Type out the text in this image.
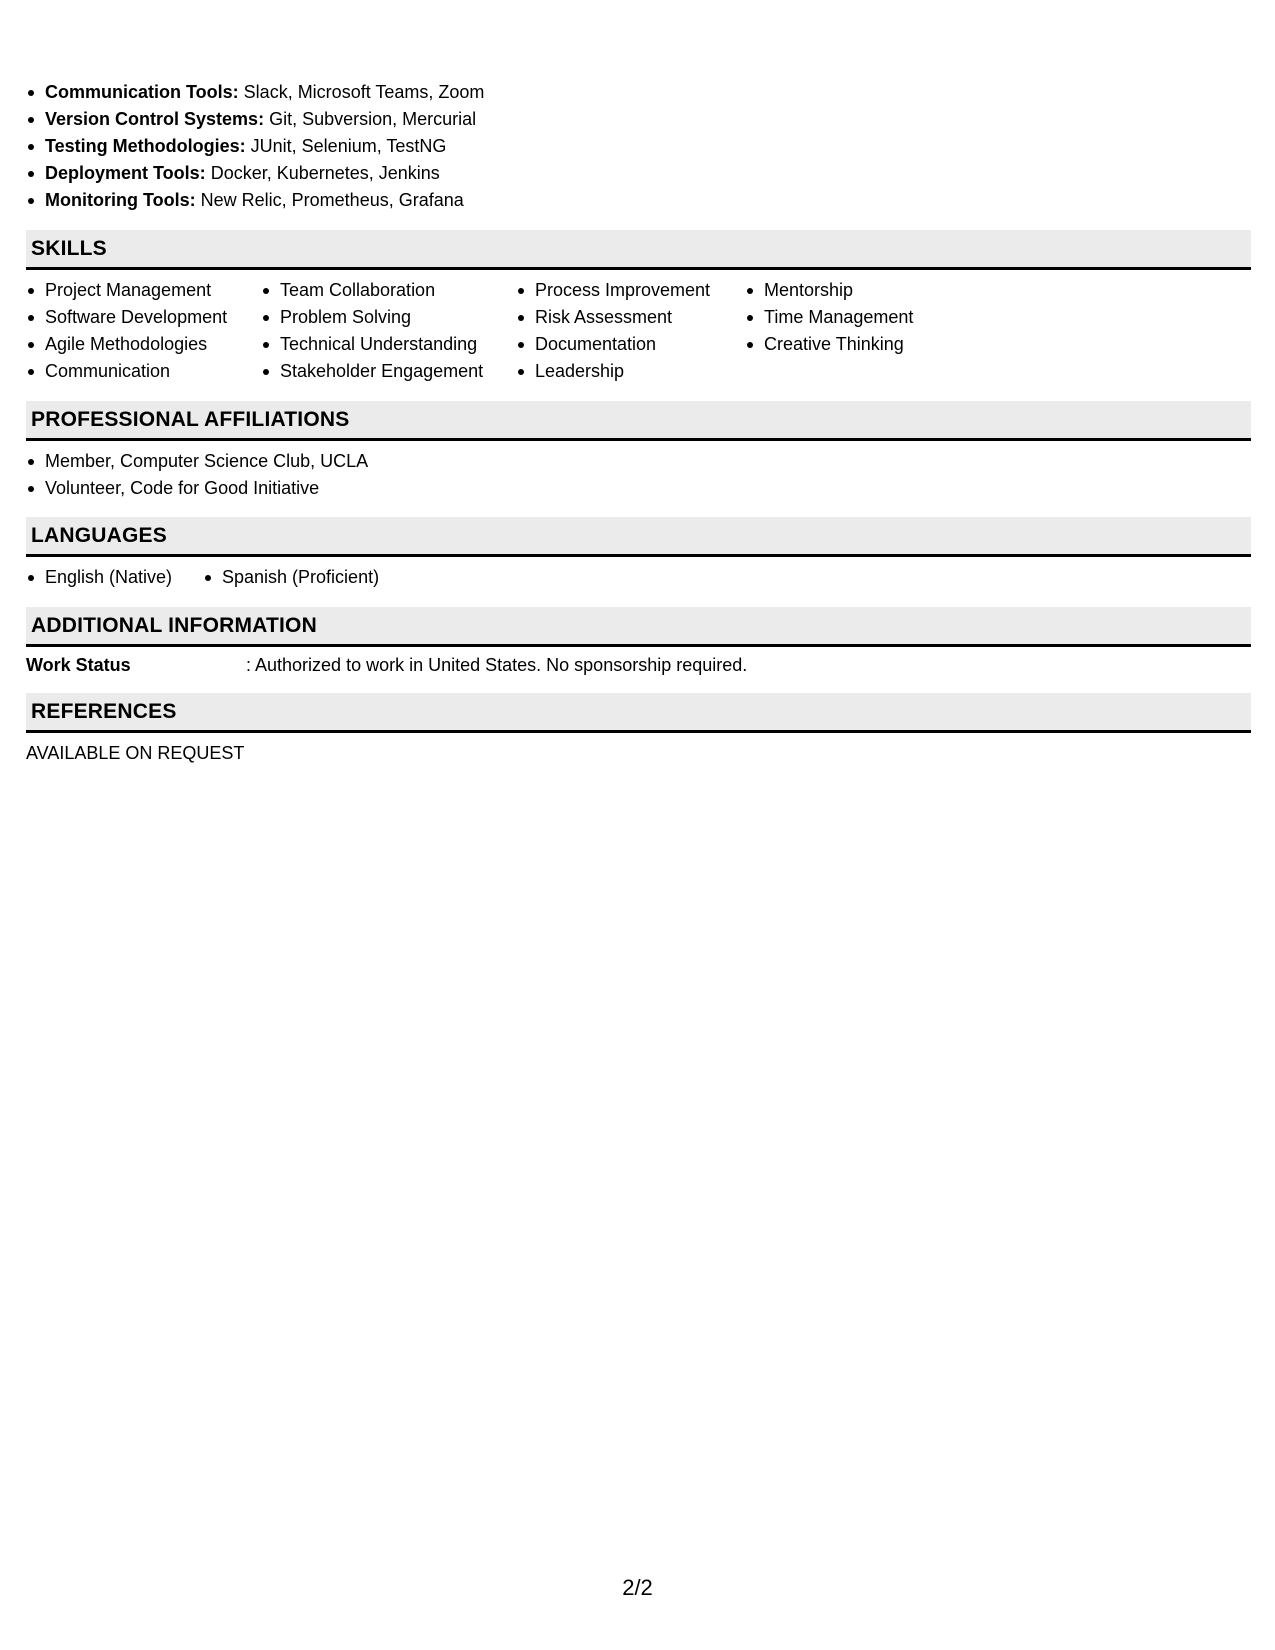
Communication Tools: Slack, Microsoft Teams, Zoom
Version Control Systems: Git, Subversion, Mercurial
Testing Methodologies: JUnit, Selenium, TestNG
Deployment Tools: Docker, Kubernetes, Jenkins
Monitoring Tools: New Relic, Prometheus, Grafana
SKILLS
Project Management
Software Development
Agile Methodologies
Communication
Team Collaboration
Problem Solving
Technical Understanding
Stakeholder Engagement
Process Improvement
Risk Assessment
Documentation
Leadership
Mentorship
Time Management
Creative Thinking
PROFESSIONAL AFFILIATIONS
Member, Computer Science Club, UCLA
Volunteer, Code for Good Initiative
LANGUAGES
English (Native)	Spanish (Proficient)
ADDITIONAL INFORMATION
Work Status	: Authorized to work in United States. No sponsorship required.
REFERENCES
AVAILABLE ON REQUEST
2/2
